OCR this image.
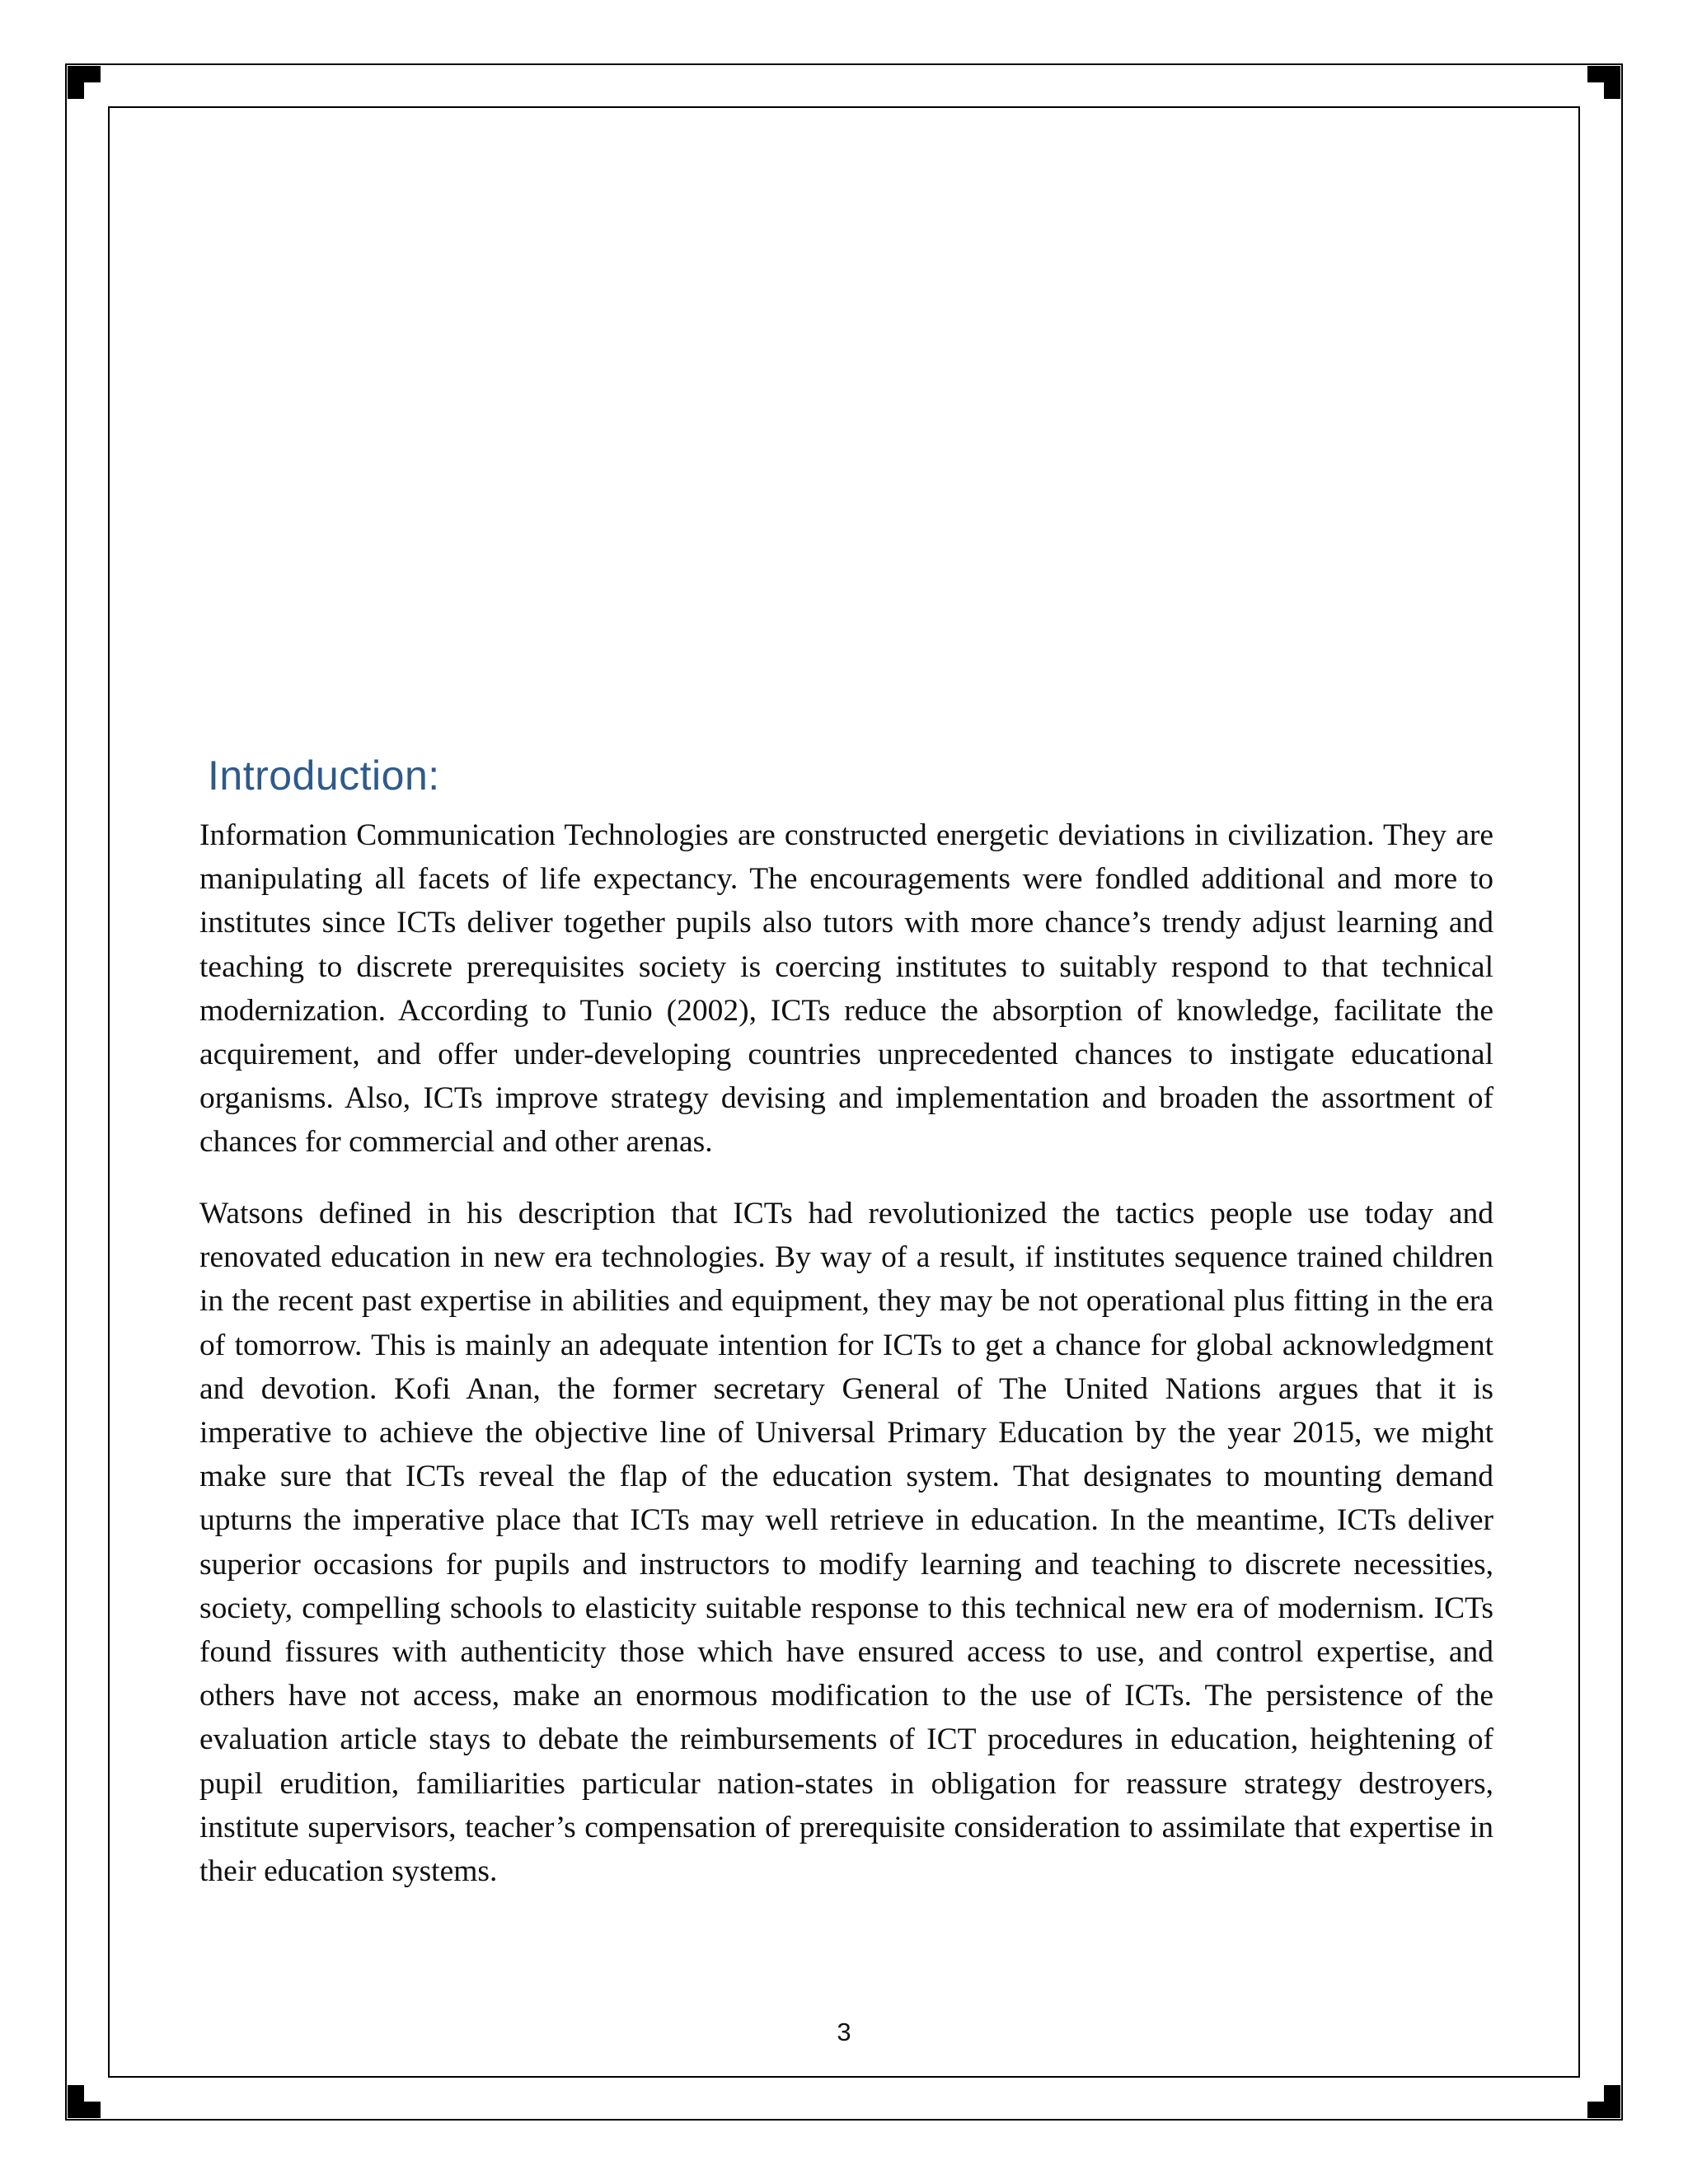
Introduction:

Information Communication Technologies are constructed energetic deviations in civilization. They are manipulating all facets of life expectancy. The encouragements were fondled additional and more to institutes since ICTs deliver together pupils also tutors with more chance’s trendy adjust learning and teaching to discrete prerequisites society is coercing institutes to suitably respond to that technical modernization. According to Tunio (2002), ICTs reduce the absorption of knowledge, facilitate the acquirement, and offer under-developing countries unprecedented chances to instigate educational organisms. Also, ICTs improve strategy devising and implementation and broaden the assortment of chances for commercial and other arenas.

Watsons defined in his description that ICTs had revolutionized the tactics people use today and renovated education in new era technologies. By way of a result, if institutes sequence trained children in the recent past expertise in abilities and equipment, they may be not operational plus fitting in the era of tomorrow. This is mainly an adequate intention for ICTs to get a chance for global acknowledgment and devotion. Kofi Anan, the former secretary General of The United Nations argues that it is imperative to achieve the objective line of Universal Primary Education by the year 2015, we might make sure that ICTs reveal the flap of the education system. That designates to mounting demand upturns the imperative place that ICTs may well retrieve in education. In the meantime, ICTs deliver superior occasions for pupils and instructors to modify learning and teaching to discrete necessities, society, compelling schools to elasticity suitable response to this technical new era of modernism. ICTs found fissures with authenticity those which have ensured access to use, and control expertise, and others have not access, make an enormous modification to the use of ICTs. The persistence of the evaluation article stays to debate the reimbursements of ICT procedures in education, heightening of pupil erudition, familiarities particular nation-states in obligation for reassure strategy destroyers, institute supervisors, teacher’s compensation of prerequisite consideration to assimilate that expertise in their education systems.

3
